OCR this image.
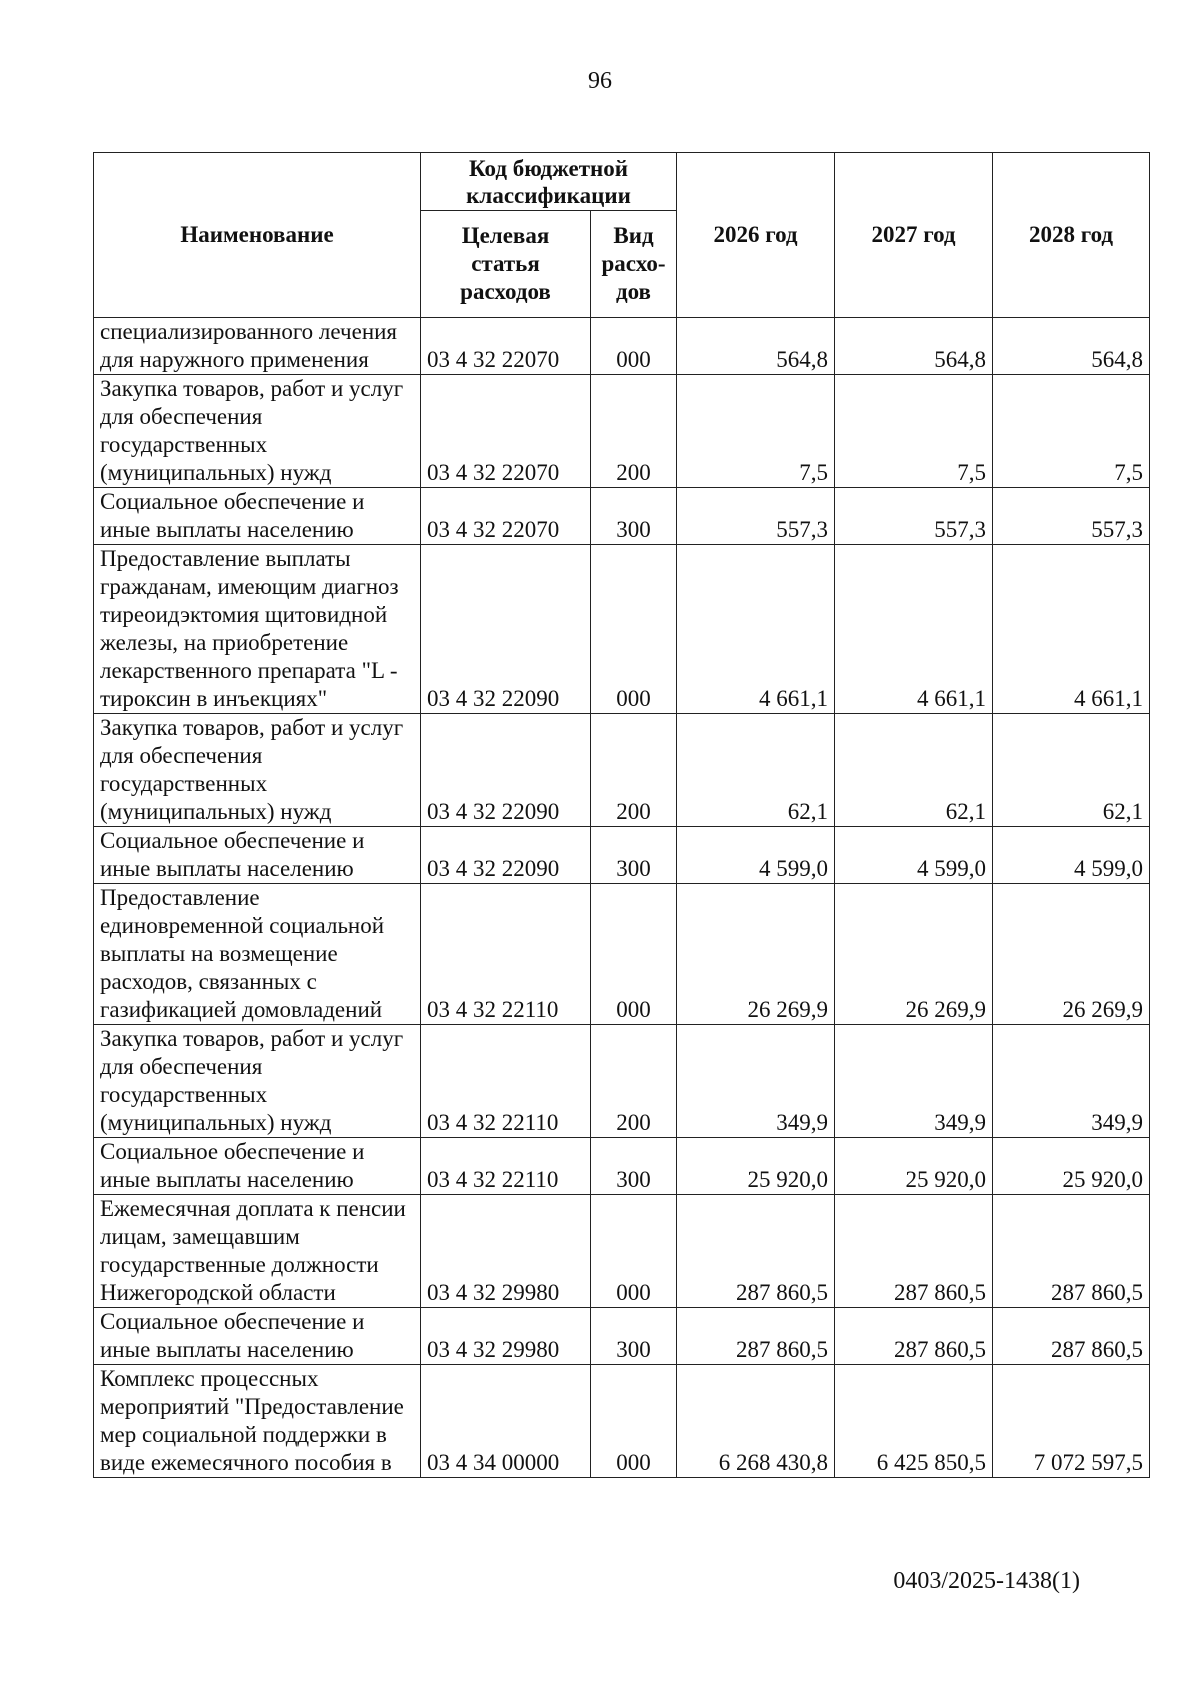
96
Наименование	Код бюджетной классификации		2026 год	2027 год	2028 год
	Целевая статья расходов	Вид расхо-дов			
специализированного лечения для наружного применения	03 4 32 22070	000	564,8	564,8	564,8
Закупка товаров, работ и услуг для обеспечения государственных (муниципальных) нужд	03 4 32 22070	200	7,5	7,5	7,5
Социальное обеспечение и иные выплаты населению	03 4 32 22070	300	557,3	557,3	557,3
Предоставление выплаты гражданам, имеющим диагноз тиреоидэктомия щитовидной железы, на приобретение лекарственного препарата "L - тироксин в инъекциях"	03 4 32 22090	000	4 661,1	4 661,1	4 661,1
Закупка товаров, работ и услуг для обеспечения государственных (муниципальных) нужд	03 4 32 22090	200	62,1	62,1	62,1
Социальное обеспечение и иные выплаты населению	03 4 32 22090	300	4 599,0	4 599,0	4 599,0
Предоставление единовременной социальной выплаты на возмещение расходов, связанных с газификацией домовладений	03 4 32 22110	000	26 269,9	26 269,9	26 269,9
Закупка товаров, работ и услуг для обеспечения государственных (муниципальных) нужд	03 4 32 22110	200	349,9	349,9	349,9
Социальное обеспечение и иные выплаты населению	03 4 32 22110	300	25 920,0	25 920,0	25 920,0
Ежемесячная доплата к пенсии лицам, замещавшим государственные должности Нижегородской области	03 4 32 29980	000	287 860,5	287 860,5	287 860,5
Социальное обеспечение и иные выплаты населению	03 4 32 29980	300	287 860,5	287 860,5	287 860,5
Комплекс процессных мероприятий "Предоставление мер социальной поддержки в виде ежемесячного пособия в	03 4 34 00000	000	6 268 430,8	6 425 850,5	7 072 597,5
0403/2025-1438(1)
